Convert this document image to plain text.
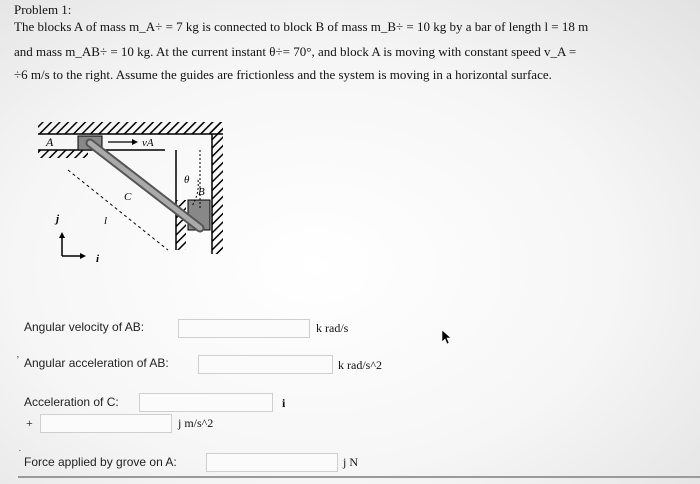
Problem 1:
The blocks A of mass m_A÷ = 7 kg is connected to block B of mass m_B÷ = 10 kg by a bar of length l = 18 m
and mass m_AB÷ = 10 kg. At the current instant θ÷= 70°, and block A is moving with constant speed v_A =
÷6 m/s to the right. Assume the guides are frictionless and the system is moving in a horizontal surface.
A	vA
θ
C	B
l
j
i
Angular velocity of AB:	k rad/s
’ Angular acceleration of AB:	k rad/s^2
Acceleration of C:	i
+	j m/s^2
˙
Force applied by grove on A:	j N
